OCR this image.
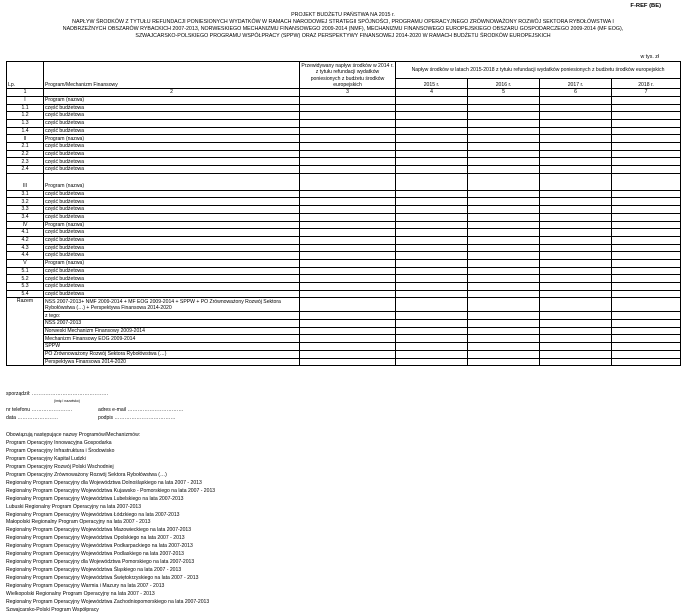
F-REF (BE)
PROJEKT BUDŻETU PAŃSTWA NA 2015 r.
NAPŁYW ŚRODKÓW Z TYTUŁU REFUNDACJI PONIESIONYCH WYDATKÓW W RAMACH NARODOWEJ STRATEGII SPÓJNOŚCI, PROGRAMU OPERACYJNEGO ZRÓWNOWAŻONY ROZWÓJ SEKTORA RYBOŁÓWSTWA I
NADBRZEŻNYCH OBSZARÓW RYBACKICH 2007-2013, NORWESKIEGO MECHANIZMU FINANSOWEGO 2009-2014 (NMF), MECHANIZMU FINANSOWEGO EUROPEJSKIEGO OBSZARU GOSPODARCZEGO 2009-2014 (MF EOG),
SZWAJCARSKO-POLSKIEGO PROGRAMU WSPÓŁPRACY (SPPW) ORAZ PERSPEKTYWY FINANSOWEJ 2014-2020 W RAMACH BUDŻETU ŚRODKÓW EUROPEJSKICH
w tys. zł
Lp.	Program/Mechanizm Finansowy	Przewidywany napływ środków w 2014 r. z tytułu refundacji wydatków poniesionych z budżetu środków europejskich	Napływ środków w latach 2015-2018 z tytułu refundacji wydatków poniesionych z budżetu środków europejskich			
			2015 r.	2016 r.	2017 r.	2018 r.

1	2	3	4	5	6	7
I	Program (nazwa)					
1.1	część budżetowa					
1.2	część budżetowa					
1.3	część budżetowa					
1.4	część budżetowa					
II	Program (nazwa)					
2.1	część budżetowa					
2.2	część budżetowa					
2.3	część budżetowa					
2.4	część budżetowa					
III	Program (nazwa)					
3.1	część budżetowa					
3.2	część budżetowa					
3.3	część budżetowa					
3.4	część budżetowa					
IV	Program (nazwa)					
4.1	część budżetowa					
4.2	część budżetowa					
4.3	część budżetowa					
4.4	część budżetowa					
V	Program (nazwa)					
5.1	część budżetowa					
5.2	część budżetowa					
5.3	część budżetowa					
5.4	część budżetowa					
Razem	NSS 2007-2013+ NMF 2009-2014 + MF EOG 2009-2014 + SPPW + PO Zrównoważony Rozwój Sektora Rybołówstwa (…) + Perspektywa Finansowa 2014-2020					
	z tego:					
	NSS 2007-2013					
	Norweski Mechanizm Finansowy 2009-2014					
	Mechanizm Finansowy EOG 2009-2014					
	SPPW					
	PO Zrównoważony Rozwój Sektora Rybołówstwa (…)					
	Perspektywa Finansowa 2014-2020					
sporządził: ………………………………………
(imię i nazwisko)
nr telefonu ……………………	adres e-mail ……………………………
data ……………………	podpis ………………………………
Obowiązują następujące nazwy Programów/Mechanizmów:
Program Operacyjny Innowacyjna Gospodarka
Program Operacyjny Infrastruktura i Środowisko
Program Operacyjny Kapitał Ludzki
Program Operacyjny Rozwój Polski Wschodniej
Program Operacyjny Zrównoważony Rozwój Sektora Rybołówstwa (…)
Regionalny Program Operacyjny dla Województwa Dolnośląskiego na lata 2007 - 2013
Regionalny Program Operacyjny Województwa Kujawsko - Pomorskiego na lata 2007 - 2013
Regionalny Program Operacyjny Województwa Lubelskiego na lata 2007-2013
Lubuski Regionalny Program Operacyjny na lata 2007-2013
Regionalny Program Operacyjny Województwa Łódzkiego na lata 2007-2013
Małopolski Regionalny Program Operacyjny na lata 2007 - 2013
Regionalny Program Operacyjny Województwa Mazowieckiego na lata 2007-2013
Regionalny Program Operacyjny Województwa Opolskiego na lata 2007 - 2013
Regionalny Program Operacyjny Województwa Podkarpackiego na lata 2007-2013
Regionalny Program Operacyjny Województwa Podlaskiego na lata 2007-2013
Regionalny Program Operacyjny dla Województwa Pomorskiego na lata 2007-2013
Regionalny Program Operacyjny Województwa Śląskiego na lata 2007 - 2013
Regionalny Program Operacyjny Województwa Świętokrzyskiego na lata 2007 - 2013
Regionalny Program Operacyjny Warmia i Mazury na lata 2007 - 2013
Wielkopolski Regionalny Program Operacyjny na lata 2007 - 2013
Regionalny Program Operacyjny Województwa Zachodniopomorskiego na lata 2007-2013
Szwajcarsko-Polski Program Współpracy
